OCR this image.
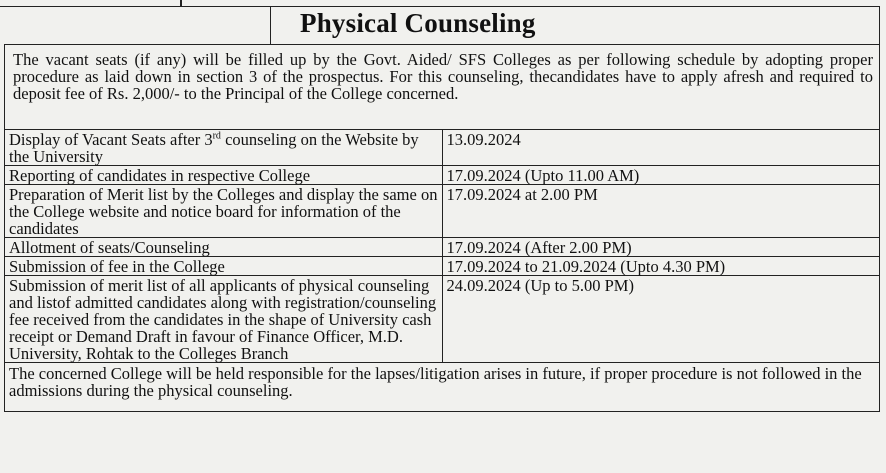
Physical Counseling
The vacant seats (if any) will be filled up by the Govt. Aided/ SFS Colleges as per following schedule by adopting proper procedure as laid down in section 3 of the prospectus. For this counseling, thecandidates have to apply afresh and required to deposit fee of Rs. 2,000/- to the Principal of the College concerned.	
Display of Vacant Seats after 3rd counseling on the Website by the University	13.09.2024
Reporting of candidates in respective College	17.09.2024 (Upto 11.00 AM)
Preparation of Merit list by the Colleges and display the same on the College website and notice board for information of the candidates	17.09.2024 at 2.00 PM
Allotment of seats/Counseling	17.09.2024 (After 2.00 PM)
Submission of fee in the College	17.09.2024 to 21.09.2024 (Upto 4.30 PM)
Submission of merit list of all applicants of physical counseling and listof admitted candidates along with registration/counseling fee received from the candidates in the shape of University cash receipt or Demand Draft in favour of Finance Officer, M.D. University, Rohtak to the Colleges Branch	24.09.2024 (Up to 5.00 PM)
The concerned College will be held responsible for the lapses/litigation arises in future, if proper procedure is not followed in the admissions during the physical counseling.	
